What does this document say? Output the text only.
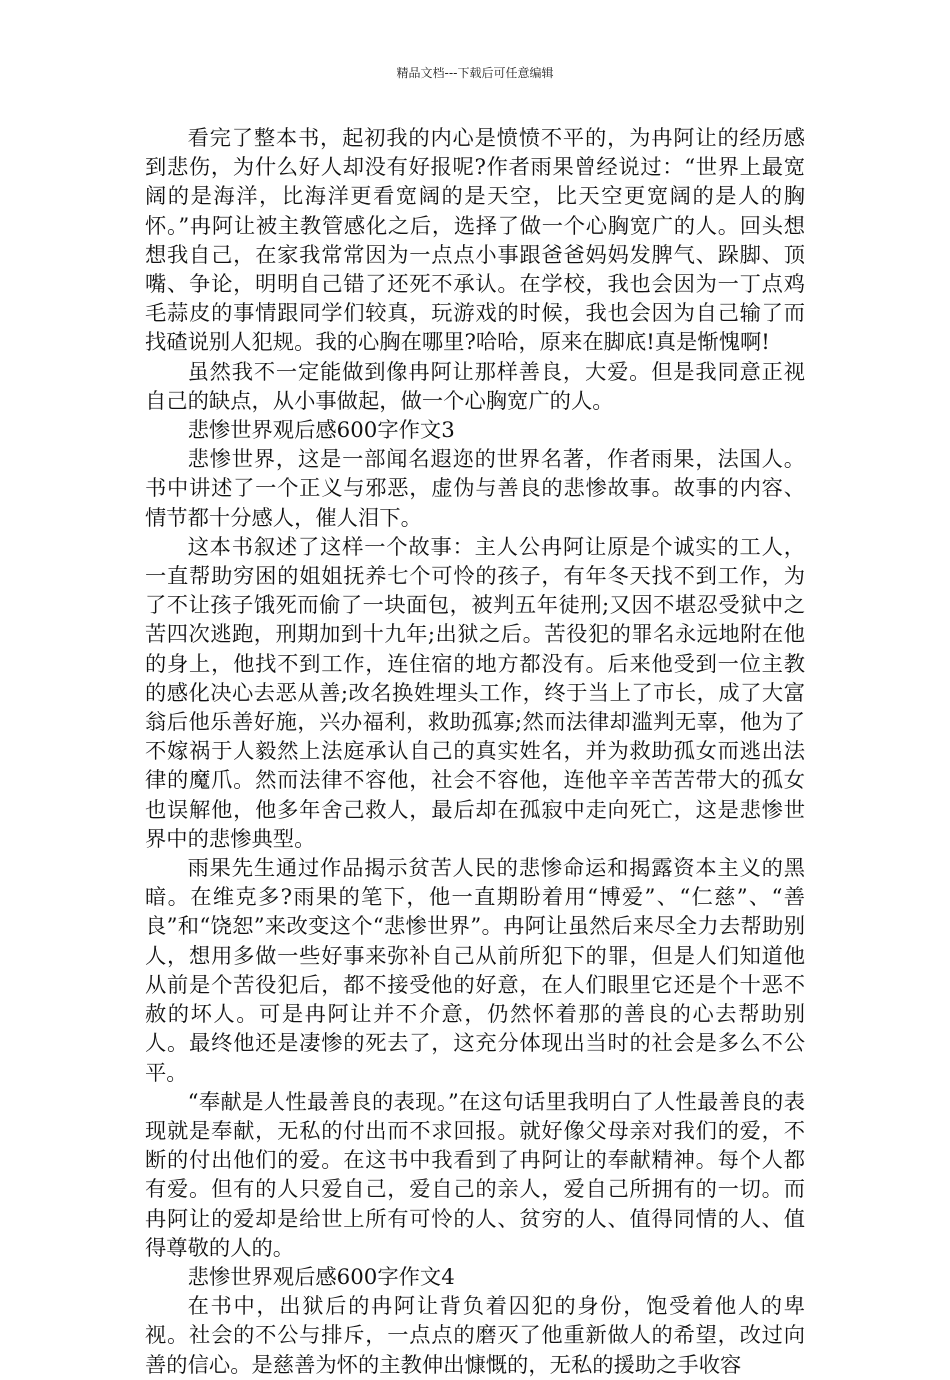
精品文档---下载后可任意编辑

看完了整本书，起初我的内心是愤愤不平的，为冉阿让的经历感到悲伤，为什么好人却没有好报呢?作者雨果曾经说过：“世界上最宽阔的是海洋，比海洋更看宽阔的是天空，比天空更宽阔的是人的胸怀。”冉阿让被主教管感化之后，选择了做一个心胸宽广的人。回头想想我自己，在家我常常因为一点点小事跟爸爸妈妈发脾气、跺脚、顶嘴、争论，明明自己错了还死不承认。在学校，我也会因为一丁点鸡毛蒜皮的事情跟同学们较真，玩游戏的时候，我也会因为自己输了而找碴说别人犯规。我的心胸在哪里?哈哈，原来在脚底!真是惭愧啊!

虽然我不一定能做到像冉阿让那样善良，大爱。但是我同意正视自己的缺点，从小事做起，做一个心胸宽广的人。

悲惨世界观后感600字作文3

悲惨世界，这是一部闻名遐迩的世界名著，作者雨果，法国人。书中讲述了一个正义与邪恶，虚伪与善良的悲惨故事。故事的内容、情节都十分感人，催人泪下。

这本书叙述了这样一个故事：主人公冉阿让原是个诚实的工人，一直帮助穷困的姐姐抚养七个可怜的孩子，有年冬天找不到工作，为了不让孩子饿死而偷了一块面包，被判五年徒刑;又因不堪忍受狱中之苦四次逃跑，刑期加到十九年;出狱之后。苦役犯的罪名永远地附在他的身上，他找不到工作，连住宿的地方都没有。后来他受到一位主教的感化决心去恶从善;改名换姓埋头工作，终于当上了市长，成了大富翁后他乐善好施，兴办福利，救助孤寡;然而法律却滥判无辜，他为了不嫁祸于人毅然上法庭承认自己的真实姓名，并为救助孤女而逃出法律的魔爪。然而法律不容他，社会不容他，连他辛辛苦苦带大的孤女也误解他，他多年舍己救人，最后却在孤寂中走向死亡，这是悲惨世界中的悲惨典型。

雨果先生通过作品揭示贫苦人民的悲惨命运和揭露资本主义的黑暗。在维克多?雨果的笔下，他一直期盼着用“博爱”、“仁慈”、“善良”和“饶恕”来改变这个“悲惨世界”。冉阿让虽然后来尽全力去帮助别人，想用多做一些好事来弥补自己从前所犯下的罪，但是人们知道他从前是个苦役犯后，都不接受他的好意，在人们眼里它还是个十恶不赦的坏人。可是冉阿让并不介意，仍然怀着那的善良的心去帮助别人。最终他还是凄惨的死去了，这充分体现出当时的社会是多么不公平。

“奉献是人性最善良的表现。”在这句话里我明白了人性最善良的表现就是奉献，无私的付出而不求回报。就好像父母亲对我们的爱，不断的付出他们的爱。在这书中我看到了冉阿让的奉献精神。每个人都有爱。但有的人只爱自己，爱自己的亲人，爱自己所拥有的一切。而冉阿让的爱却是给世上所有可怜的人、贫穷的人、值得同情的人、值得尊敬的人的。

悲惨世界观后感600字作文4

在书中，出狱后的冉阿让背负着囚犯的身份，饱受着他人的卑视。社会的不公与排斥，一点点的磨灭了他重新做人的希望，改过向善的信心。是慈善为怀的主教伸出慷慨的，无私的援助之手收容
